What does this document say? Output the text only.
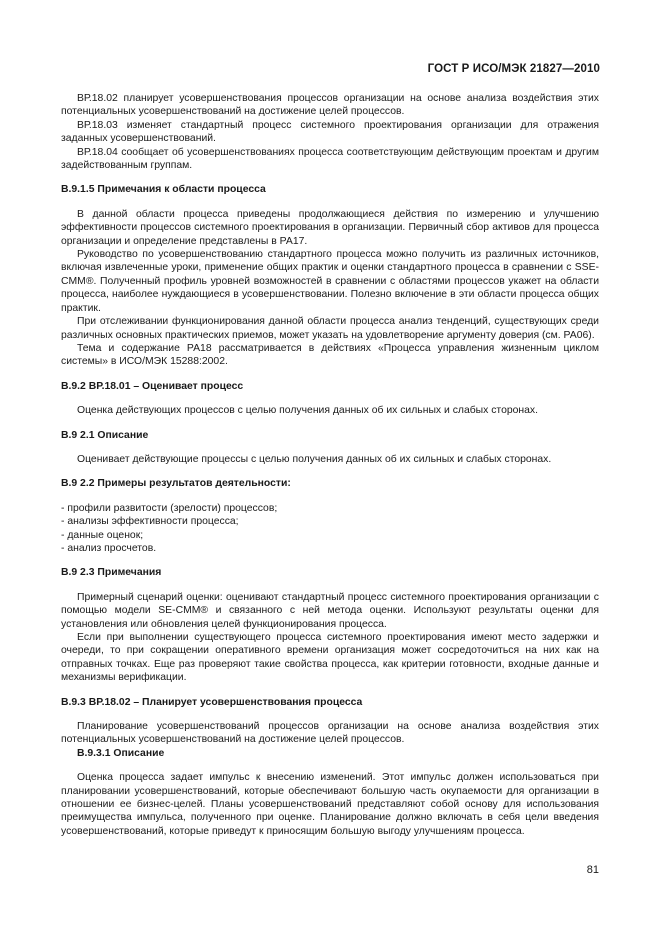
ГОСТ Р ИСО/МЭК 21827—2010

ВР.18.02 планирует усовершенствования процессов организации на основе анализа воздействия этих потенциальных усовершенствований на достижение целей процессов.

ВР.18.03 изменяет стандартный процесс системного проектирования организации для отражения заданных усовершенствований.

ВР.18.04 сообщает об усовершенствованиях процесса соответствующим действующим проектам и другим задействованным группам.

В.9.1.5 Примечания к области процесса

В данной области процесса приведены продолжающиеся действия по измерению и улучшению эффективности процессов системного проектирования в организации. Первичный сбор активов для процесса организации и определение представлены в РА17.

Руководство по усовершенствованию стандартного процесса можно получить из различных источников, включая извлеченные уроки, применение общих практик и оценки стандартного процесса в сравнении с SSE-CMM®. Полученный профиль уровней возможностей в сравнении с областями процессов укажет на области процесса, наиболее нуждающиеся в усовершенствовании. Полезно включение в эти области процесса общих практик.

При отслеживании функционирования данной области процесса анализ тенденций, существующих среди различных основных практических приемов, может указать на удовлетворение аргументу доверия (см. РА06).

Тема и содержание РА18 рассматривается в действиях «Процесса управления жизненным циклом системы» в ИСО/МЭК 15288:2002.

В.9.2 ВР.18.01 – Оценивает процесс

Оценка действующих процессов с целью получения данных об их сильных и слабых сторонах.

В.9 2.1 Описание

Оценивает действующие процессы с целью получения данных об их сильных и слабых сторонах.

В.9 2.2 Примеры результатов деятельности:
- профили развитости (зрелости) процессов;
- анализы эффективности процесса;
- данные оценок;
- анализ просчетов.
В.9 2.3 Примечания

Примерный сценарий оценки: оценивают стандартный процесс системного проектирования организации с помощью модели SE-CMM® и связанного с ней метода оценки. Используют результаты оценки для установления или обновления целей функционирования процесса.

Если при выполнении существующего процесса системного проектирования имеют место задержки и очереди, то при сокращении оперативного времени организация может сосредоточиться на них как на отправных точках. Еще раз проверяют такие свойства процесса, как критерии готовности, входные данные и механизмы верификации.

В.9.3 ВР.18.02 – Планирует усовершенствования процесса

Планирование усовершенствований процессов организации на основе анализа воздействия этих потенциальных усовершенствований на достижение целей процессов.

В.9.3.1 Описание

Оценка процесса задает импульс к внесению изменений. Этот импульс должен использоваться при планировании усовершенствований, которые обеспечивают большую часть окупаемости для организации в отношении ее бизнес-целей. Планы усовершенствований представляют собой основу для использования преимущества импульса, полученного при оценке. Планирование должно включать в себя цели введения усовершенствований, которые приведут к приносящим большую выгоду улучшениям процесса.

81
